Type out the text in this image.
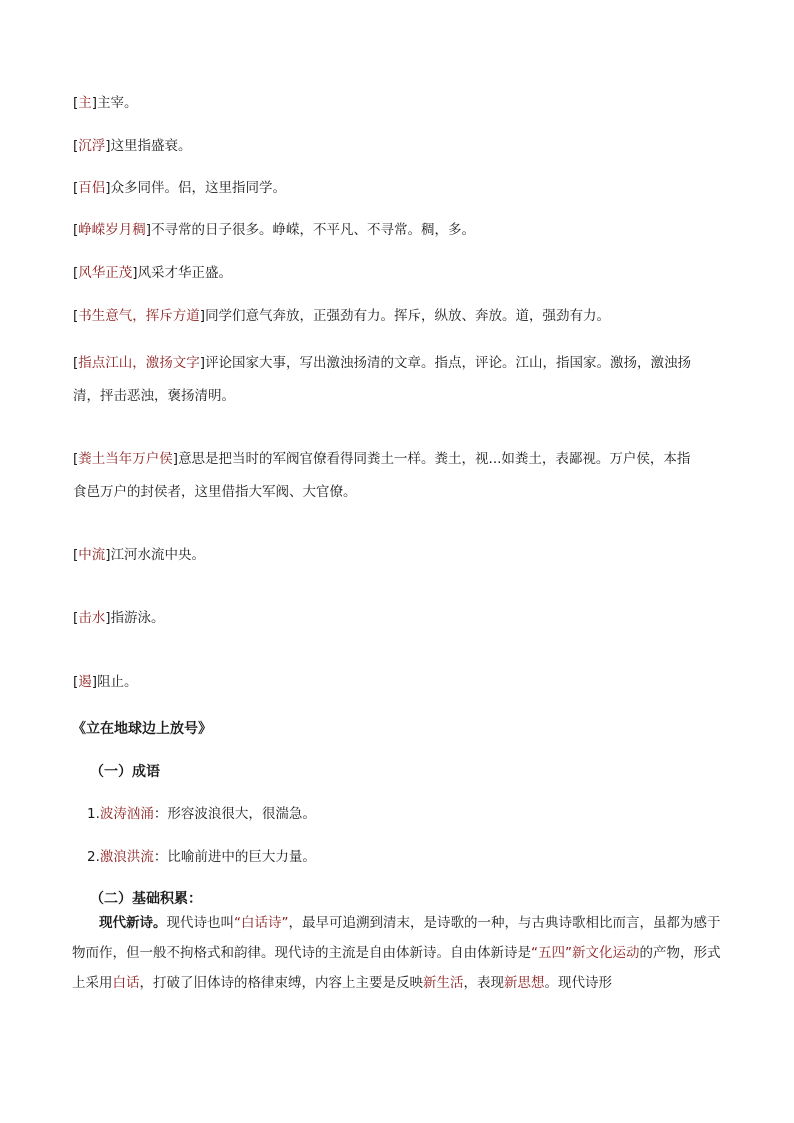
[主]主宰。
[沉浮]这里指盛衰。
[百侣]众多同伴。侣，这里指同学。
[峥嵘岁月稠]不寻常的日子很多。峥嵘，不平凡、不寻常。稠，多。
[风华正茂]风采才华正盛。
[书生意气，挥斥方道]同学们意气奔放，正强劲有力。挥斥，纵放、奔放。道，强劲有力。
[指点江山，激扬文字]评论国家大事，写出激浊扬清的文章。指点，评论。江山，指国家。激扬，激浊扬
清，抨击恶浊，褒扬清明。
[粪土当年万户侯]意思是把当时的军阀官僚看得同粪土一样。粪土，视...如粪土，表鄙视。万户侯，本指
食邑万户的封侯者，这里借指大军阀、大官僚。
[中流]江河水流中央。
[击水]指游泳。
[遏]阻止。
《立在地球边上放号》
（一）成语
1.波涛汹涌：形容波浪很大，很湍急。
2.激浪洪流：比喻前进中的巨大力量。
（二）基础积累：
现代新诗。现代诗也叫“白话诗”，最早可追溯到清末，是诗歌的一种，与古典诗歌相比而言，虽都为感于物而作，但一般不拘格式和韵律。现代诗的主流是自由体新诗。自由体新诗是“五四”新文化运动的产物，形式上采用白话，打破了旧体诗的格律束缚，内容上主要是反映新生活，表现新思想。现代诗形
